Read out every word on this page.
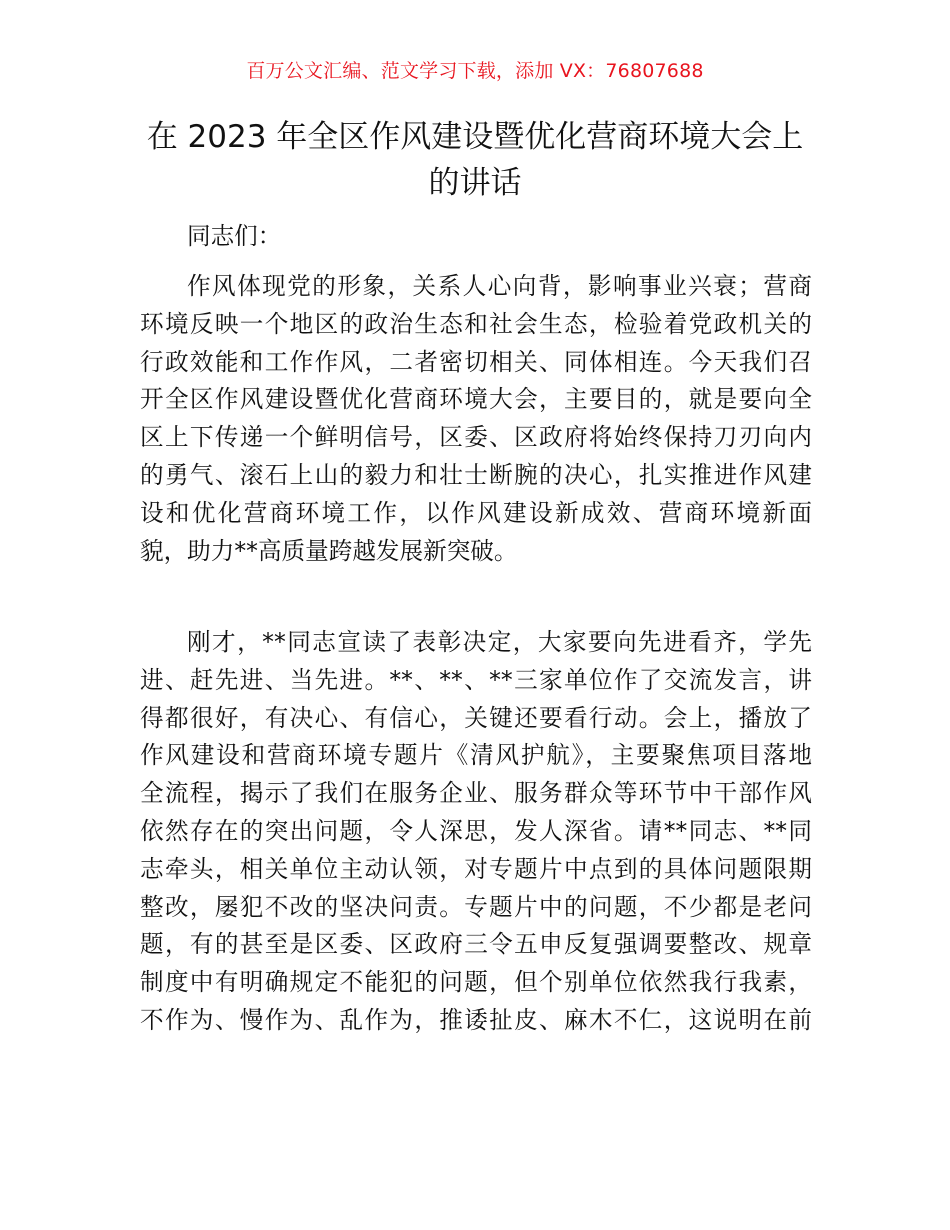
百万公文汇编、范文学习下载，添加 VX：76807688
在 2023 年全区作风建设暨优化营商环境大会上
的讲话
同志们：
作风体现党的形象，关系人心向背，影响事业兴衰；营商
环境反映一个地区的政治生态和社会生态，检验着党政机关的
行政效能和工作作风，二者密切相关、同体相连。今天我们召
开全区作风建设暨优化营商环境大会，主要目的，就是要向全
区上下传递一个鲜明信号，区委、区政府将始终保持刀刃向内
的勇气、滚石上山的毅力和壮士断腕的决心，扎实推进作风建
设和优化营商环境工作，以作风建设新成效、营商环境新面
貌，助力**高质量跨越发展新突破。
刚才，**同志宣读了表彰决定，大家要向先进看齐，学先
进、赶先进、当先进。**、**、**三家单位作了交流发言，讲
得都很好，有决心、有信心，关键还要看行动。会上，播放了
作风建设和营商环境专题片《清风护航》，主要聚焦项目落地
全流程，揭示了我们在服务企业、服务群众等环节中干部作风
依然存在的突出问题，令人深思，发人深省。请**同志、**同
志牵头，相关单位主动认领，对专题片中点到的具体问题限期
整改，屡犯不改的坚决问责。专题片中的问题，不少都是老问
题，有的甚至是区委、区政府三令五申反复强调要整改、规章
制度中有明确规定不能犯的问题，但个别单位依然我行我素，
不作为、慢作为、乱作为，推诿扯皮、麻木不仁，这说明在前
